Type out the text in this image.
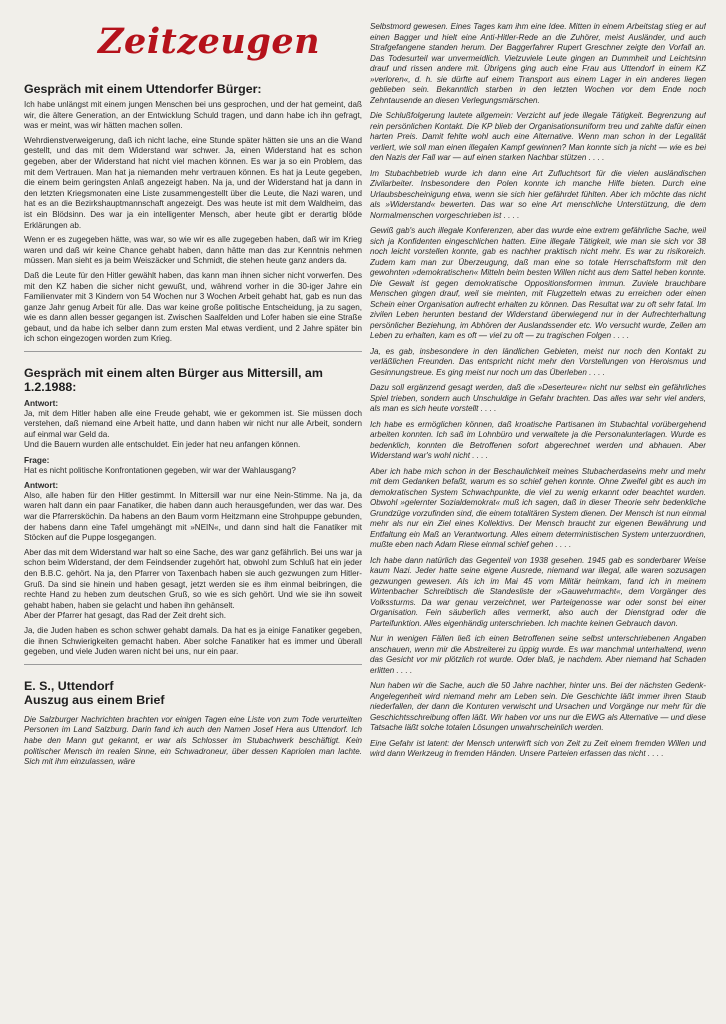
Zeitzeugen
Gespräch mit einem Uttendorfer Bürger:

Ich habe unlängst mit einem jungen Menschen bei uns gesprochen, und der hat gemeint, daß wir, die ältere Generation, an der Entwicklung Schuld tragen, und dann habe ich ihn gefragt, was er meint, was wir hätten machen sollen.

Wehrdienstverweigerung, daß ich nicht lache, eine Stunde später hätten sie uns an die Wand gestellt, und das mit dem Widerstand war schwer. Ja, einen Widerstand hat es schon gegeben, aber der Widerstand hat nicht viel machen können. Es war ja so ein Problem, das mit dem Vertrauen. Man hat ja niemanden mehr vertrauen können. Es hat ja Leute gegeben, die einem beim geringsten Anlaß angezeigt haben. Na ja, und der Widerstand hat ja dann in den letzten Kriegsmonaten eine Liste zusammengestellt über die Leute, die Nazi waren, und hat es an die Bezirkshauptmannschaft angezeigt. Des was heute ist mit dem Waldheim, das ist ein Blödsinn. Des war ja ein intelligenter Mensch, aber heute gibt er derartig blöde Erklärungen ab.

Wenn er es zugegeben hätte, was war, so wie wir es alle zugegeben haben, daß wir im Krieg waren und daß wir keine Chance gehabt haben, dann hätte man das zur Kenntnis nehmen müssen. Man sieht es ja beim Weiszäcker und Schmidt, die stehen heute ganz anders da.

Daß die Leute für den Hitler gewählt haben, das kann man ihnen sicher nicht vorwerfen. Des mit den KZ haben die sicher nicht gewußt, und, während vorher in die 30-iger Jahre ein Familienvater mit 3 Kindern von 54 Wochen nur 3 Wochen Arbeit gehabt hat, gab es nun das ganze Jahr genug Arbeit für alle. Das war keine große politische Entscheidung, ja zu sagen, wie es dann allen besser gegangen ist. Zwischen Saalfelden und Lofer haben sie eine Straße gebaut, und da habe ich selber dann zum ersten Mal etwas verdient, und 2 Jahre später bin ich schon eingezogen worden zum Krieg.

Gespräch mit einem alten Bürger aus Mittersill, am 1.2.1988:
Antwort:
Ja, mit dem Hitler haben alle eine Freude gehabt, wie er gekommen ist. Sie müssen doch verstehen, daß niemand eine Arbeit hatte, und dann haben wir nicht nur alle Arbeit, sondern auf einmal war Geld da.
Und die Bauern wurden alle entschuldet. Ein jeder hat neu anfangen können.
Frage:
Hat es nicht politische Konfrontationen gegeben, wir war der Wahlausgang?
Antwort:
Also, alle haben für den Hitler gestimmt. In Mittersill war nur eine Nein-Stimme. Na ja, da waren halt dann ein paar Fanatiker, die haben dann auch herausgefunden, wer das war. Des war die Pfarrersköchin. Da habens an den Baum vorm Heitzmann eine Strohpuppe gebunden, der habens dann eine Tafel umgehängt mit »NEIN«, und dann sind halt die Fanatiker mit Stöcken auf die Puppe losgegangen.
Aber das mit dem Widerstand war halt so eine Sache, des war ganz gefährlich. Bei uns war ja schon beim Widerstand, der dem Feindsender zugehört hat, obwohl zum Schluß hat ein jeder den B.B.C. gehört. Na ja, den Pfarrer von Taxenbach haben sie auch gezwungen zum Hitler-Gruß. Da sind sie hinein und haben gesagt, jetzt werden sie es ihm einmal beibringen, die rechte Hand zu heben zum deutschen Gruß, so wie es sich gehört. Und wie sie ihn soweit gehabt haben, haben sie gelacht und haben ihn gehänselt.
Aber der Pfarrer hat gesagt, das Rad der Zeit dreht sich.
Ja, die Juden haben es schon schwer gehabt damals. Da hat es ja einige Fanatiker gegeben, die ihnen Schwierigkeiten gemacht haben. Aber solche Fanatiker hat es immer und überall gegeben, und viele Juden waren nicht bei uns, nur ein paar.
E. S., Uttendorf
Auszug aus einem Brief

Die Salzburger Nachrichten brachten vor einigen Tagen eine Liste von zum Tode verurteilten Personen im Land Salzburg. Darin fand ich auch den Namen Josef Hera aus Uttendorf. Ich habe den Mann gut gekannt, er war als Schlosser im Stubachwerk beschäftigt. Kein politischer Mensch im realen Sinne, ein Schwadroneur, über dessen Kapriolen man lachte. Sich mit ihm einzulassen, wäre

Selbstmord gewesen. Eines Tages kam ihm eine Idee. Mitten in einem Arbeitstag stieg er auf einen Bagger und hielt eine Anti-Hitler-Rede an die Zuhörer, meist Ausländer, und auch Strafgefangene standen herum. Der Baggerfahrer Rupert Greschner zeigte den Vorfall an. Das Todesurteil war unvermeidlich. Vielzuviele Leute gingen an Dummheit und Leichtsinn drauf und rissen andere mit. Übrigens ging auch eine Frau aus Uttendorf in einem KZ »verloren«, d. h. sie dürfte auf einem Transport aus einem Lager in ein anderes liegen geblieben sein. Bekanntlich starben in den letzten Wochen vor dem Ende noch Zehntausende an diesen Verlegungsmärschen.

Die Schlußfolgerung lautete allgemein: Verzicht auf jede illegale Tätigkeit. Begrenzung auf rein persönlichen Kontakt. Die KP blieb der Organisationsuniform treu und zahlte dafür einen harten Preis. Damit fehlte wohl auch eine Alternative. Wenn man schon in der Legalität verliert, wie soll man einen illegalen Kampf gewinnen? Man konnte sich ja nicht — wie es bei den Nazis der Fall war — auf einen starken Nachbar stützen . . . .

Im Stubachbetrieb wurde ich dann eine Art Zufluchtsort für die vielen ausländischen Zivilarbeiter. Insbesondere den Polen konnte ich manche Hilfe bieten. Durch eine Urlaubsbescheinigung etwa, wenn sie sich hier gefährdet fühlten. Aber ich möchte das nicht als »Widerstand« bewerten. Das war so eine Art menschliche Unterstützung, die dem Normalmenschen vorgeschrieben ist . . . .

Gewiß gab's auch illegale Konferenzen, aber das wurde eine extrem gefährliche Sache, weil sich ja Konfidenten eingeschlichen hatten. Eine illegale Tätigkeit, wie man sie sich vor 38 noch leicht vorstellen konnte, gab es nachher praktisch nicht mehr. Es war zu risikoreich. Zudem kam man zur Überzeugung, daß man eine so totale Herrschaftsform mit den gewohnten »demokratischen« Mitteln beim besten Willen nicht aus dem Sattel heben konnte. Die Gewalt ist gegen demokratische Oppositionsformen immun. Zuviele brauchbare Menschen gingen drauf, weil sie meinten, mit Flugzetteln etwas zu erreichen oder einen Schein einer Organisation aufrecht erhalten zu können. Das Resultat war zu oft sehr fatal. Im zivilen Leben herunten bestand der Widerstand überwiegend nur in der Aufrechterhaltung persönlicher Beziehung, im Abhören der Auslandssender etc. Wo versucht wurde, Zellen am Leben zu erhalten, kam es oft — viel zu oft — zu tragischen Folgen . . . .

Ja, es gab, insbesondere in den ländlichen Gebieten, meist nur noch den Kontakt zu verläßlichen Freunden. Das entspricht nicht mehr den Vorstellungen von Heroismus und Gesinnungstreue. Es ging meist nur noch um das Überleben . . . .

Dazu soll ergänzend gesagt werden, daß die »Deserteure« nicht nur selbst ein gefährliches Spiel trieben, sondern auch Unschuldige in Gefahr brachten. Das alles war sehr viel anders, als man es sich heute vorstellt . . . .

Ich habe es ermöglichen können, daß kroatische Partisanen im Stubachtal vorübergehend arbeiten konnten. Ich saß im Lohnbüro und verwaltete ja die Personalunterlagen. Wurde es bedenklich, konnten die Betroffenen sofort abgerechnet werden und abhauen. Aber Widerstand war's wohl nicht . . . .

Aber ich habe mich schon in der Beschaulichkeit meines Stubacherdaseins mehr und mehr mit dem Gedanken befaßt, warum es so schief gehen konnte. Ohne Zweifel gibt es auch im demokratischen System Schwachpunkte, die viel zu wenig erkannt oder beachtet wurden. Obwohl »gelernter Sozialdemokrat« muß ich sagen, daß in dieser Theorie sehr bedenkliche Grundzüge vorzufinden sind, die einem totalitären System dienen. Der Mensch ist nun einmal mehr als nur ein Ziel eines Kollektivs. Der Mensch braucht zur eigenen Bewährung und Entfaltung ein Maß an Verantwortung. Alles einem deterministischen System unterzuordnen, mußte eben nach Adam Riese einmal schief gehen . . . .

Ich habe dann natürlich das Gegenteil von 1938 gesehen. 1945 gab es sonderbarer Weise kaum Nazi. Jeder hatte seine eigene Ausrede, niemand war illegal, alle waren sozusagen gezwungen gewesen. Als ich im Mai 45 vom Militär heimkam, fand ich in meinem Wirtenbacher Schreibtisch die Standesliste der »Gauwehrmacht«, dem Vorgänger des Volkssturms. Da war genau verzeichnet, wer Parteigenosse war oder sonst bei einer Organisation. Fein säuberlich alles vermerkt, also auch der Dienstgrad oder die Parteifunktion. Alles eigenhändig unterschrieben. Ich machte keinen Gebrauch davon.

Nur in wenigen Fällen ließ ich einen Betroffenen seine selbst unterschriebenen Angaben anschauen, wenn mir die Abstreiterei zu üppig wurde. Es war manchmal unterhaltend, wenn das Gesicht vor mir plötzlich rot wurde. Oder blaß, je nachdem. Aber niemand hat Schaden erlitten . . . .

Nun haben wir die Sache, auch die 50 Jahre nachher, hinter uns. Bei der nächsten Gedenk-Angelegenheit wird niemand mehr am Leben sein. Die Geschichte läßt immer ihren Staub niederfallen, der dann die Konturen verwischt und Ursachen und Vorgänge nur mehr für die Geschichtsschreibung offen läßt. Wir haben vor uns nur die EWG als Alternative — und diese Tatsache läßt solche totalen Lösungen unwahrscheinlich werden.

Eine Gefahr ist latent: der Mensch unterwirft sich von Zeit zu Zeit einem fremden Willen und wird dann Werkzeug in fremden Händen. Unsere Parteien erfassen das nicht . . . .
